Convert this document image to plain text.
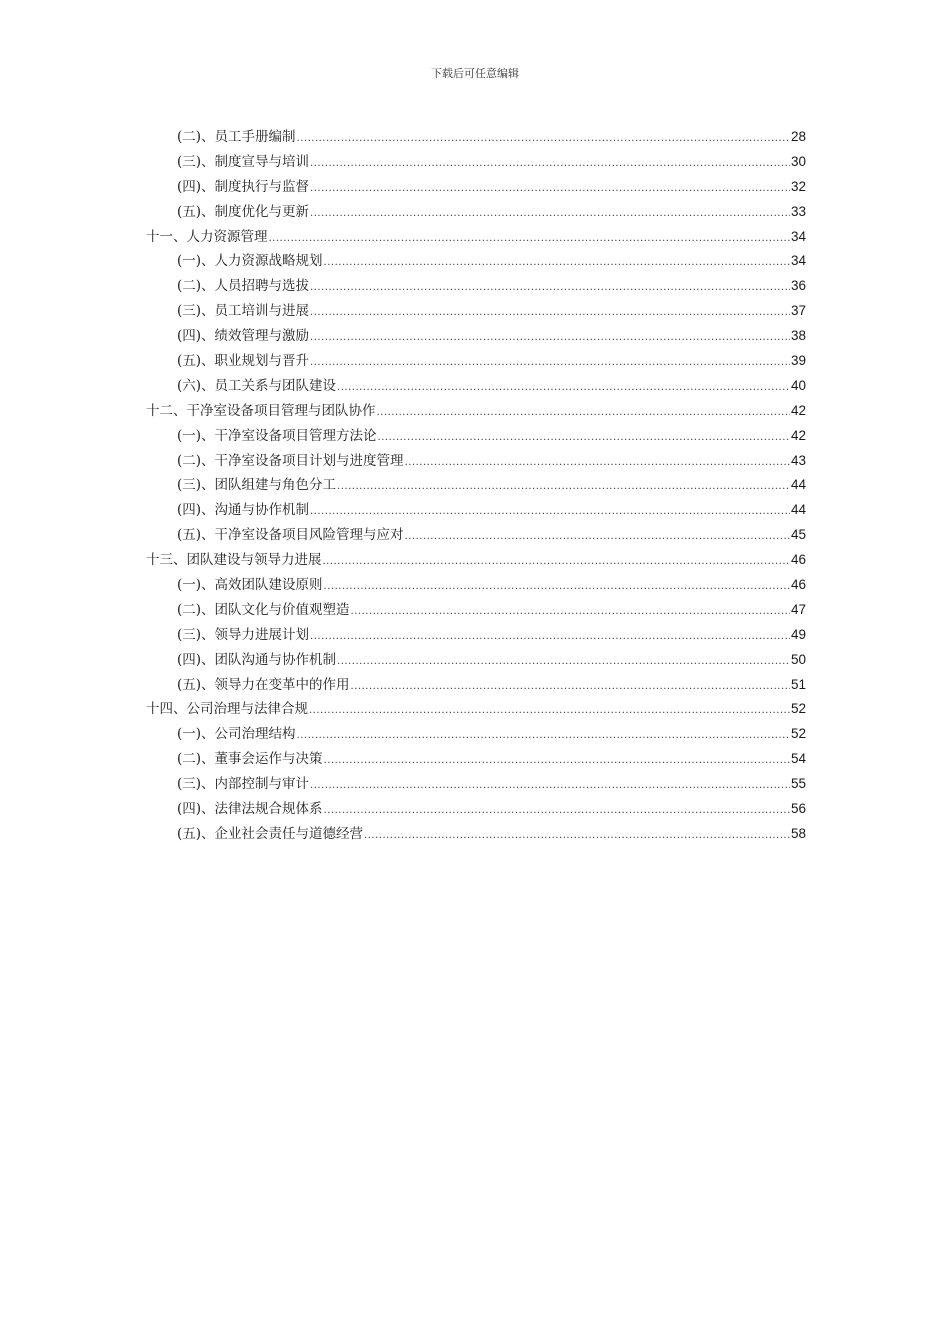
下载后可任意编辑
(二)、员工手册编制 .....	28
(三)、制度宣导与培训 .....	30
(四)、制度执行与监督 .....	32
(五)、制度优化与更新 .....	33
十一、人力资源管理 .....	34
(一)、人力资源战略规划 .....	34
(二)、人员招聘与选拔 .....	36
(三)、员工培训与进展 .....	37
(四)、绩效管理与激励 .....	38
(五)、职业规划与晋升 .....	39
(六)、员工关系与团队建设 .....	40
十二、干净室设备项目管理与团队协作 .....	42
(一)、干净室设备项目管理方法论 .....	42
(二)、干净室设备项目计划与进度管理 .....	43
(三)、团队组建与角色分工 .....	44
(四)、沟通与协作机制 .....	44
(五)、干净室设备项目风险管理与应对 .....	45
十三、团队建设与领导力进展 .....	46
(一)、高效团队建设原则 .....	46
(二)、团队文化与价值观塑造 .....	47
(三)、领导力进展计划 .....	49
(四)、团队沟通与协作机制 .....	50
(五)、领导力在变革中的作用 .....	51
十四、公司治理与法律合规 .....	52
(一)、公司治理结构 .....	52
(二)、董事会运作与决策 .....	54
(三)、内部控制与审计 .....	55
(四)、法律法规合规体系 .....	56
(五)、企业社会责任与道德经营 .....	58
